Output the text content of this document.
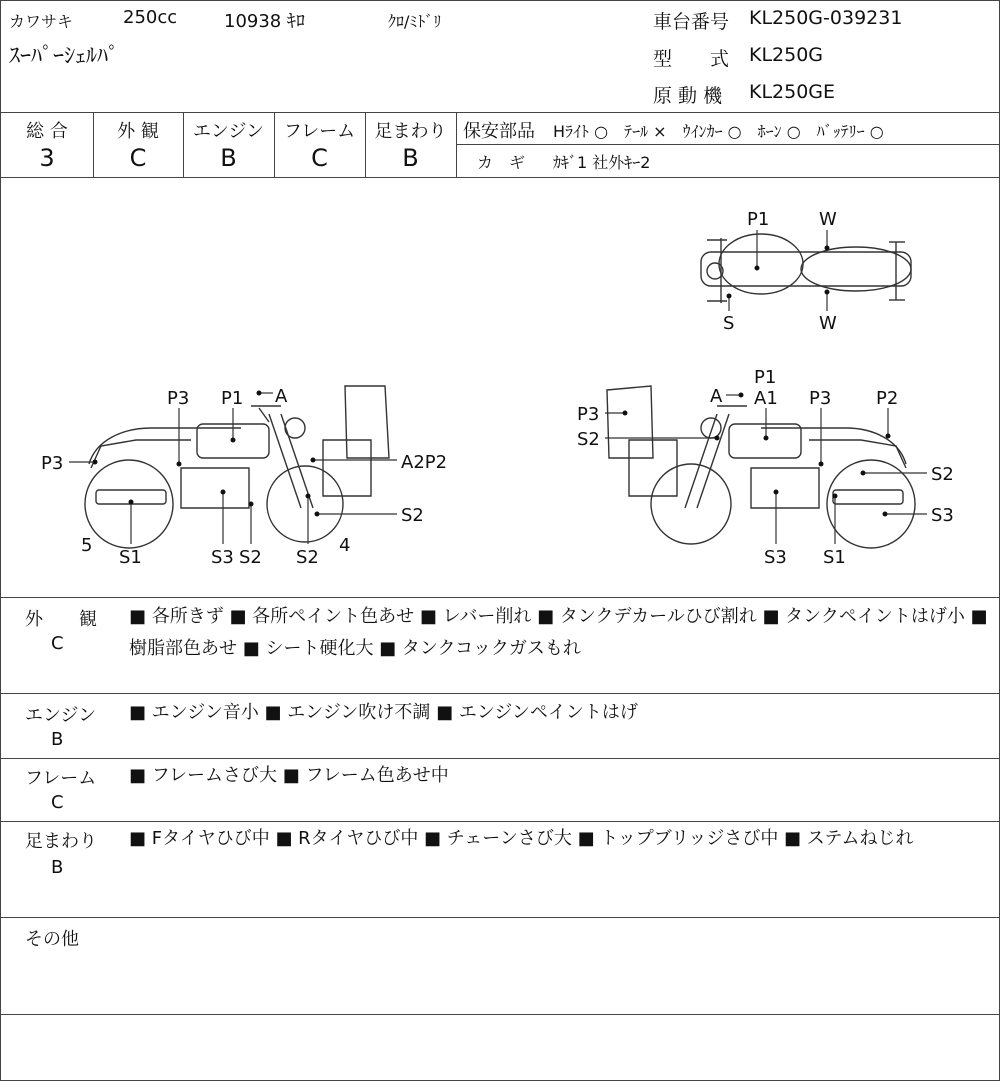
カワサキ	250cc	10938 ｷﾛ	ｸﾛ/ﾐﾄﾞﾘ
ｽｰﾊﾟｰｼｪﾙﾊﾟ
車台番号 KL250G-039231
型　　式 KL250G
原 動 機 KL250GE
総 合
3
外 観
C
エンジン
B
フレーム
C
足まわり
B
保安部品 Hﾗｲﾄ ○　ﾃｰﾙ ×　ｳｲﾝｶｰ ○　ﾎｰﾝ ○　ﾊﾞｯﾃﾘｰ ○
カ　ギ ｶｷﾞ1 社外ｷｰ2
P1	W
S	W
P3 P1 A
P3	A2P2
S2
5
S1	S3 S2 S2
4
P1
A A1 P3 P2
P3
S2
S2
S3
S3 S1
外　　観
C
■ 各所きず ■ 各所ペイント色あせ ■ レバー削れ ■ タンクデカールひび割れ ■ タンクペイントはげ小 ■ 樹脂部色あせ ■ シート硬化大 ■ タンクコックガスもれ
エンジン
B
■ エンジン音小 ■ エンジン吹け不調 ■ エンジンペイントはげ
フレーム
C
■ フレームさび大 ■ フレーム色あせ中
足まわり
B
■ Fタイヤひび中 ■ Rタイヤひび中 ■ チェーンさび大 ■ トップブリッジさび中 ■ ステムねじれ
その他
